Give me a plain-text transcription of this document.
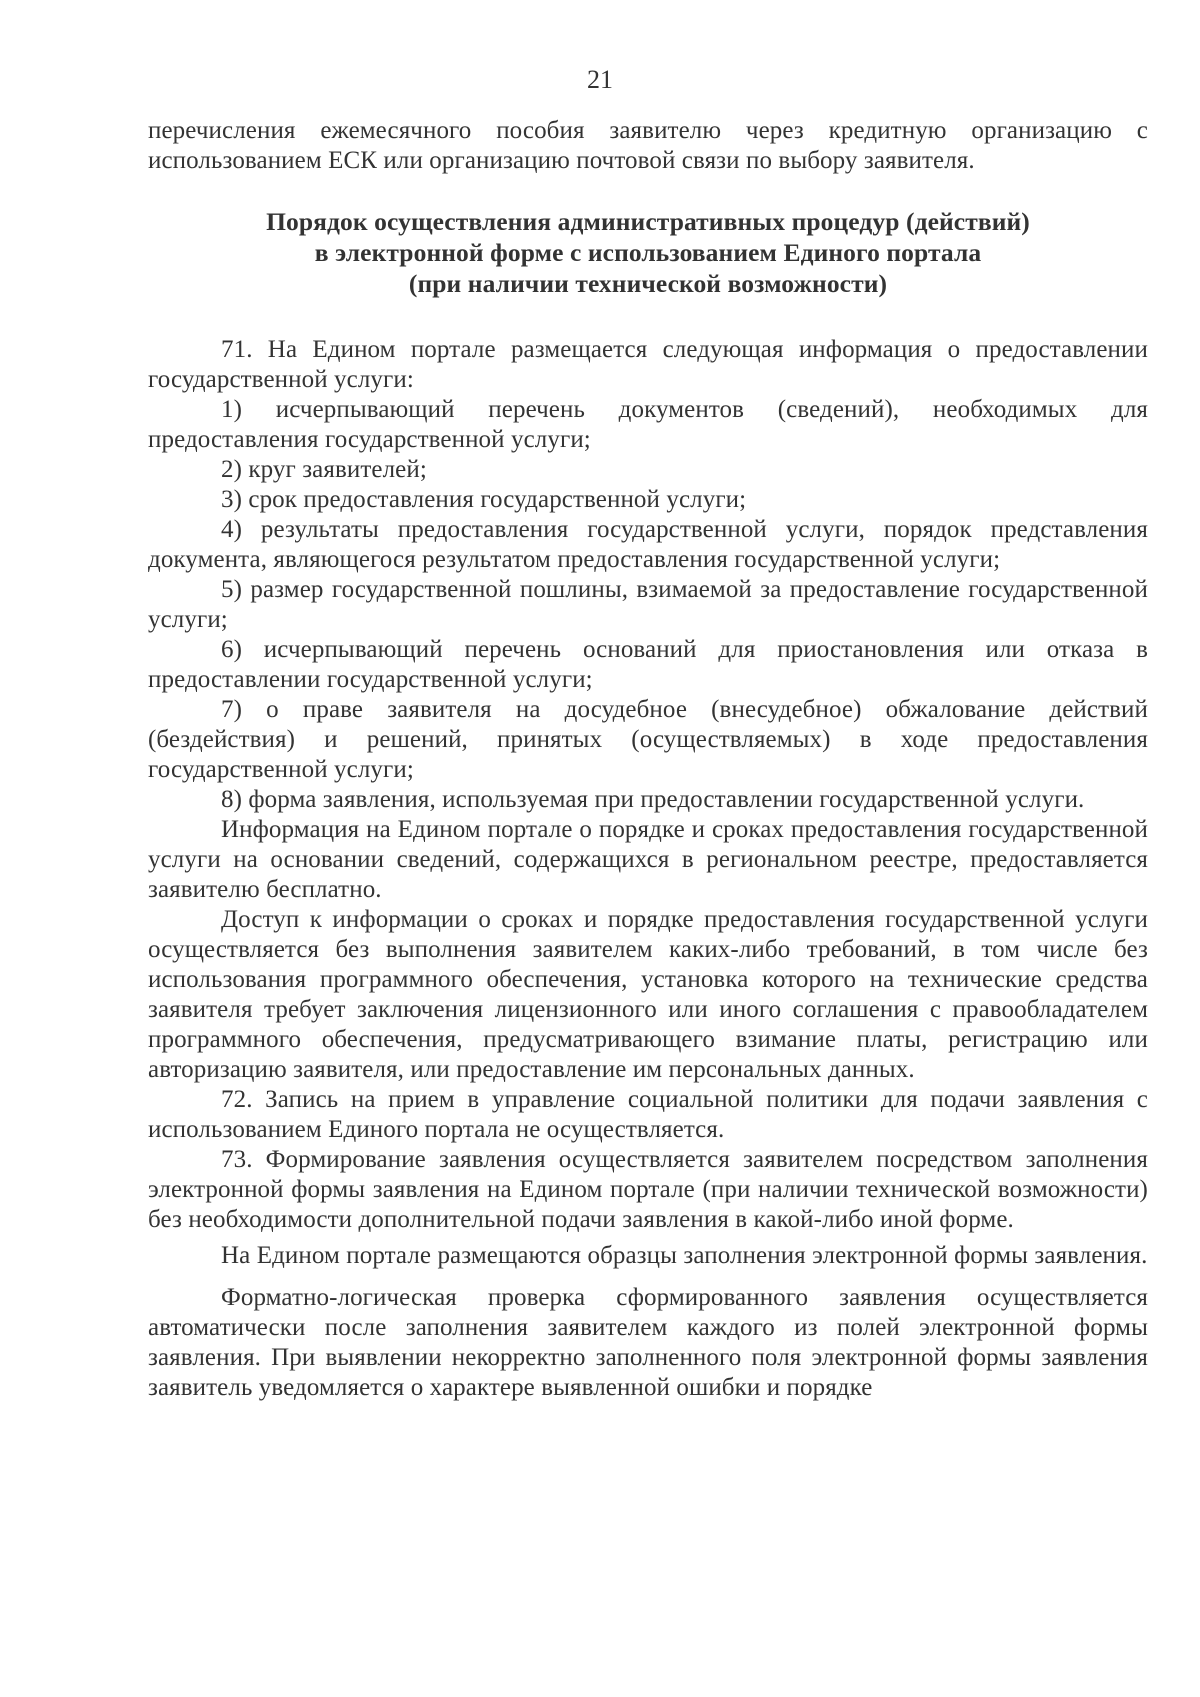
21

перечисления ежемесячного пособия заявителю через кредитную организацию с использованием ЕСК или организацию почтовой связи по выбору заявителя.

Порядок осуществления административных процедур (действий)
в электронной форме с использованием Единого портала
(при наличии технической возможности)

71. На Едином портале размещается следующая информация о предоставлении государственной услуги:

1) исчерпывающий перечень документов (сведений), необходимых для предоставления государственной услуги;

2) круг заявителей;

3) срок предоставления государственной услуги;

4) результаты предоставления государственной услуги, порядок представления документа, являющегося результатом предоставления государственной услуги;

5) размер государственной пошлины, взимаемой за предоставление государственной услуги;

6) исчерпывающий перечень оснований для приостановления или отказа в предоставлении государственной услуги;

7) о праве заявителя на досудебное (внесудебное) обжалование действий (бездействия) и решений, принятых (осуществляемых) в ходе предоставления государственной услуги;

8) форма заявления, используемая при предоставлении государственной услуги.

Информация на Едином портале о порядке и сроках предоставления государственной услуги на основании сведений, содержащихся в региональном реестре, предоставляется заявителю бесплатно.

Доступ к информации о сроках и порядке предоставления государственной услуги осуществляется без выполнения заявителем каких-либо требований, в том числе без использования программного обеспечения, установка которого на технические средства заявителя требует заключения лицензионного или иного соглашения с правообладателем программного обеспечения, предусматривающего взимание платы, регистрацию или авторизацию заявителя, или предоставление им персональных данных.

72. Запись на прием в управление социальной политики для подачи заявления с использованием Единого портала не осуществляется.

73. Формирование заявления осуществляется заявителем посредством заполнения электронной формы заявления на Едином портале (при наличии технической возможности) без необходимости дополнительной подачи заявления в какой-либо иной форме.

На Едином портале размещаются образцы заполнения электронной формы заявления.

Форматно-логическая проверка сформированного заявления осуществляется автоматически после заполнения заявителем каждого из полей электронной формы заявления. При выявлении некорректно заполненного поля электронной формы заявления заявитель уведомляется о характере выявленной ошибки и порядке
